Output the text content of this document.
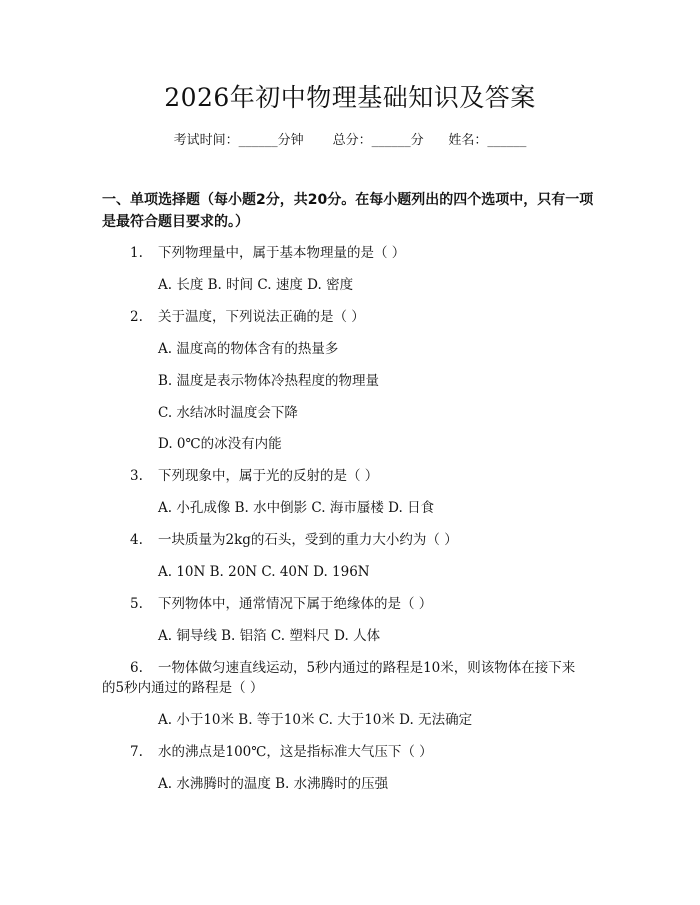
2026年初中物理基础知识及答案
考试时间：______分钟 总分：______分 姓名：______
一、单项选择题（每小题2分，共20分。在每小题列出的四个选项中，只有一项
是最符合题目要求的。）
1. 下列物理量中，属于基本物理量的是（ ）
A. 长度 B. 时间 C. 速度 D. 密度
2. 关于温度，下列说法正确的是（ ）
A. 温度高的物体含有的热量多
B. 温度是表示物体冷热程度的物理量
C. 水结冰时温度会下降
D. 0℃的冰没有内能
3. 下列现象中，属于光的反射的是（ ）
A. 小孔成像 B. 水中倒影 C. 海市蜃楼 D. 日食
4. 一块质量为2kg的石头，受到的重力大小约为（ ）
A. 10N B. 20N C. 40N D. 196N
5. 下列物体中，通常情况下属于绝缘体的是（ ）
A. 铜导线 B. 铝箔 C. 塑料尺 D. 人体
6. 一物体做匀速直线运动，5秒内通过的路程是10米，则该物体在接下来
的5秒内通过的路程是（ ）
A. 小于10米 B. 等于10米 C. 大于10米 D. 无法确定
7. 水的沸点是100℃，这是指标准大气压下（ ）
A. 水沸腾时的温度 B. 水沸腾时的压强
